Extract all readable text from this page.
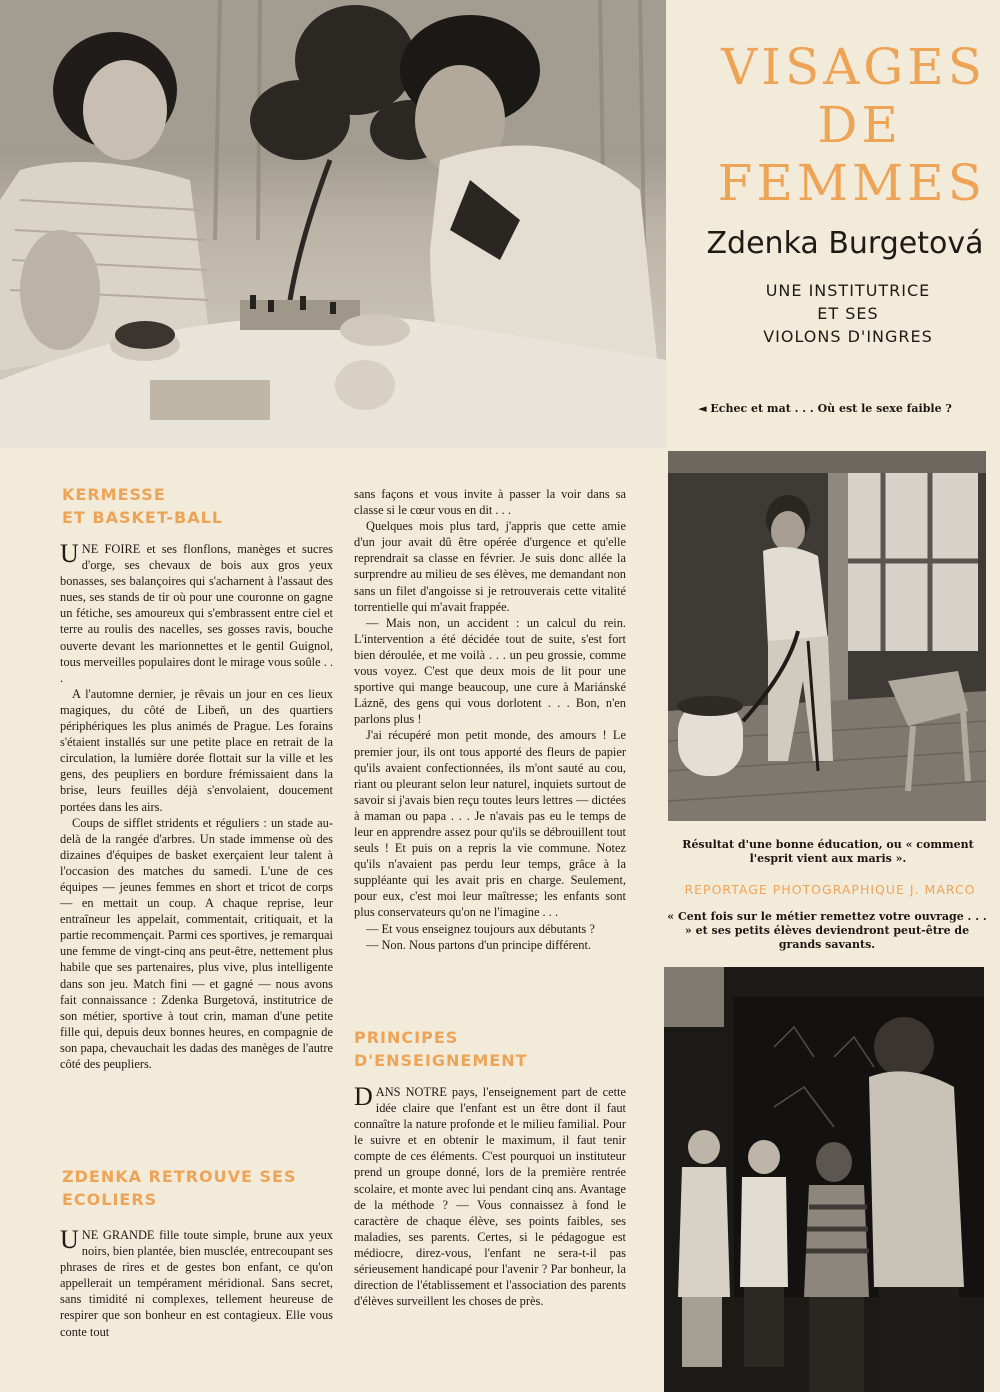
VISAGES
DE
FEMMES
Zdenka Burgetová
UNE INSTITUTRICE
ET SES
VIOLONS D'INGRES
◄ Echec et mat . . . Où est le sexe faible ?
Résultat d'une bonne éducation, ou « comment l'esprit vient aux maris ».
REPORTAGE PHOTOGRAPHIQUE J. MARCO
« Cent fois sur le métier remettez votre ouvrage . . . » et ses petits élèves deviendront peut-être de grands savants.
KERMESSE
ET BASKET-BALL

UNE FOIRE et ses flonflons, manèges et sucres d'orge, ses chevaux de bois aux gros yeux bonasses, ses balançoires qui s'acharnent à l'assaut des nues, ses stands de tir où pour une couronne on gagne un fétiche, ses amoureux qui s'embrassent entre ciel et terre au roulis des nacelles, ses gosses ravis, bouche ouverte devant les marionnettes et le gentil Guignol, tous merveilles populaires dont le mirage vous soûle . . .

A l'automne dernier, je rêvais un jour en ces lieux magiques, du côté de Libeň, un des quartiers périphériques les plus animés de Prague. Les forains s'étaient installés sur une petite place en retrait de la circulation, la lumière dorée flottait sur la ville et les gens, des peupliers en bordure frémissaient dans la brise, leurs feuilles déjà s'envolaient, doucement portées dans les airs.

Coups de sifflet stridents et réguliers : un stade au-delà de la rangée d'arbres. Un stade immense où des dizaines d'équipes de basket exerçaient leur talent à l'occasion des matches du samedi. L'une de ces équipes — jeunes femmes en short et tricot de corps — en mettait un coup. A chaque reprise, leur entraîneur les appelait, commentait, critiquait, et la partie recommençait. Parmi ces sportives, je remarquai une femme de vingt-cinq ans peut-être, nettement plus habile que ses partenaires, plus vive, plus intelligente dans son jeu. Match fini — et gagné — nous avons fait connaissance : Zdenka Burgetová, institutrice de son métier, sportive à tout crin, maman d'une petite fille qui, depuis deux bonnes heures, en compagnie de son papa, chevauchait les dadas des manèges de l'autre côté des peupliers.

ZDENKA RETROUVE SES
ECOLIERS

UNE GRANDE fille toute simple, brune aux yeux noirs, bien plantée, bien musclée, entrecoupant ses phrases de rires et de gestes bon enfant, ce qu'on appellerait un tempérament méridional. Sans secret, sans timidité ni complexes, tellement heureuse de respirer que son bonheur en est contagieux. Elle vous conte tout

sans façons et vous invite à passer la voir dans sa classe si le cœur vous en dit . . .

Quelques mois plus tard, j'appris que cette amie d'un jour avait dû être opérée d'urgence et qu'elle reprendrait sa classe en février. Je suis donc allée la surprendre au milieu de ses élèves, me demandant non sans un filet d'angoisse si je retrouverais cette vitalité torrentielle qui m'avait frappée.

— Mais non, un accident : un calcul du rein. L'intervention a été décidée tout de suite, s'est fort bien déroulée, et me voilà . . . un peu grossie, comme vous voyez. C'est que deux mois de lit pour une sportive qui mange beaucoup, une cure à Mariánské Lázně, des gens qui vous dorlotent . . . Bon, n'en parlons plus !

J'ai récupéré mon petit monde, des amours ! Le premier jour, ils ont tous apporté des fleurs de papier qu'ils avaient confectionnées, ils m'ont sauté au cou, riant ou pleurant selon leur naturel, inquiets surtout de savoir si j'avais bien reçu toutes leurs lettres — dictées à maman ou papa . . . Je n'avais pas eu le temps de leur en apprendre assez pour qu'ils se débrouillent tout seuls ! Et puis on a repris la vie commune. Notez qu'ils n'avaient pas perdu leur temps, grâce à la suppléante qui les avait pris en charge. Seulement, pour eux, c'est moi leur maîtresse; les enfants sont plus conservateurs qu'on ne l'imagine . . .

— Et vous enseignez toujours aux débutants ?

— Non. Nous partons d'un principe différent.

PRINCIPES
D'ENSEIGNEMENT

DANS NOTRE pays, l'enseignement part de cette idée claire que l'enfant est un être dont il faut connaître la nature profonde et le milieu familial. Pour le suivre et en obtenir le maximum, il faut tenir compte de ces éléments. C'est pourquoi un instituteur prend un groupe donné, lors de la première rentrée scolaire, et monte avec lui pendant cinq ans. Avantage de la méthode ? — Vous connaissez à fond le caractère de chaque élève, ses points faibles, ses maladies, ses parents. Certes, si le pédagogue est médiocre, direz-vous, l'enfant ne sera-t-il pas sérieusement handicapé pour l'avenir ? Par bonheur, la direction de l'établissement et l'association des parents d'élèves surveillent les choses de près.
